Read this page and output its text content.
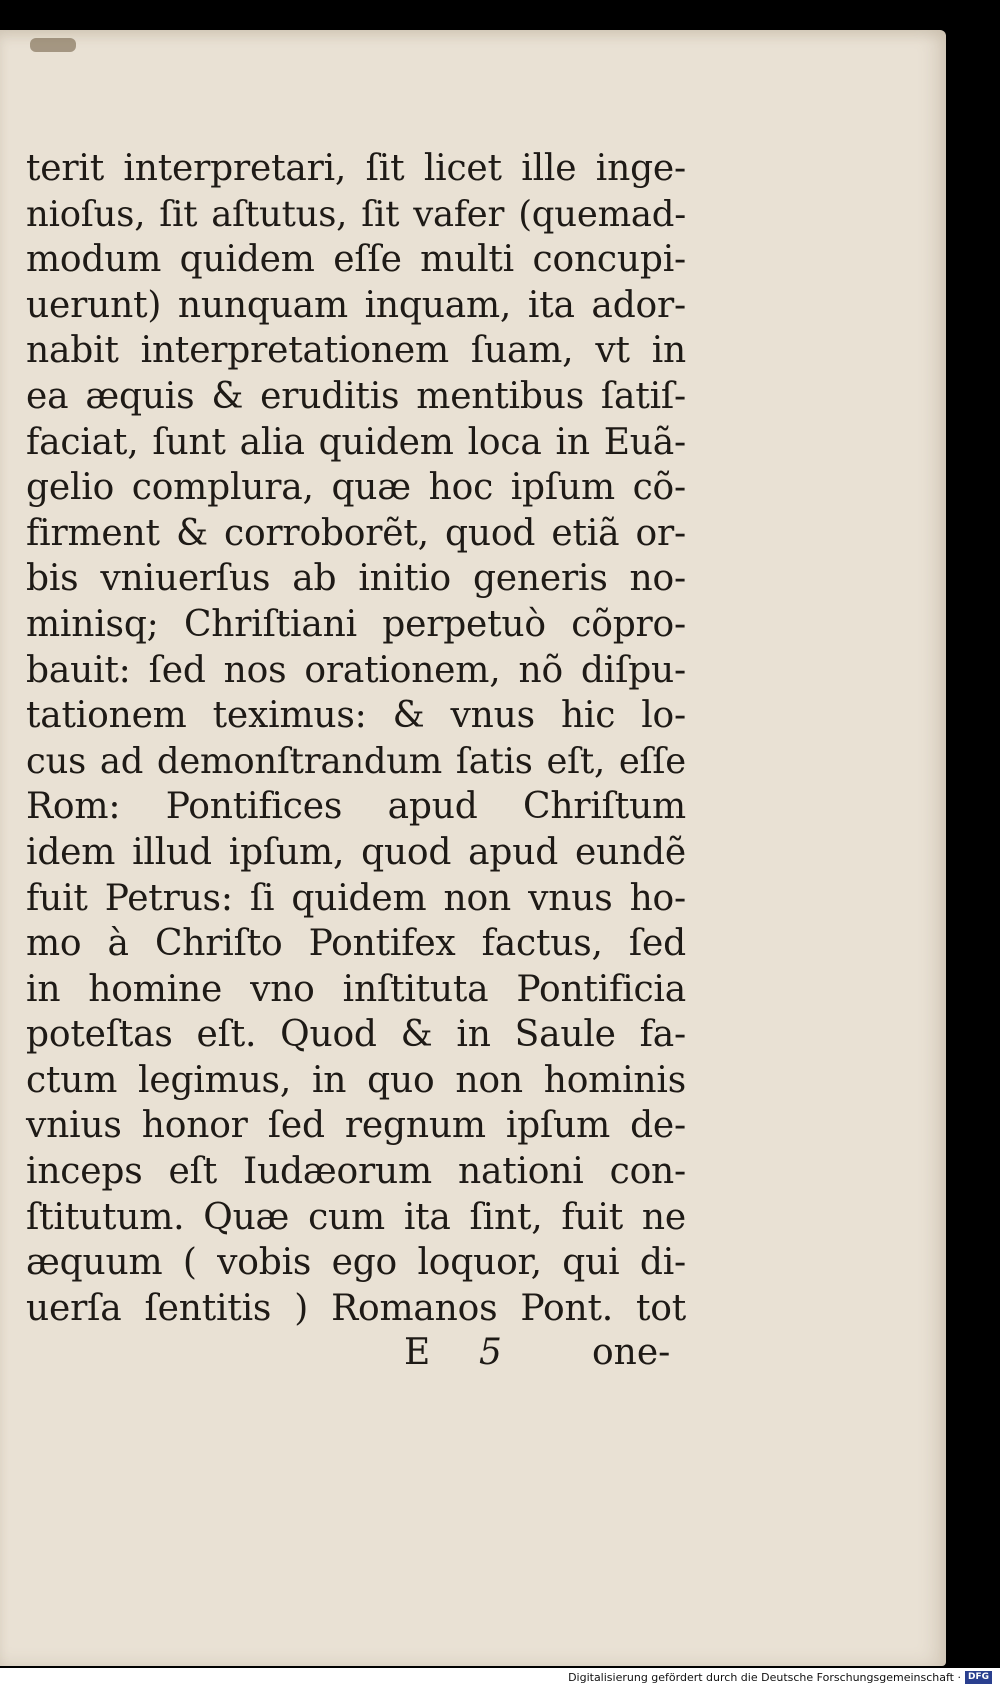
terit interpretari, ſit licet ille inge-
nioſus, ſit aſtutus, ſit vafer (quemad-
modum quidem eſſe multi concupi-
uerunt) nunquam inquam, ita ador-
nabit interpretationem ſuam, vt in
ea æquis & eruditis mentibus ſatiſ-
faciat, ſunt alia quidem loca in Euã-
gelio complura, quæ hoc ipſum cõ-
firment & corroborẽt, quod etiã or-
bis vniuerſus ab initio generis no-
minisq; Chriſtiani perpetuò cõpro-
bauit: ſed nos orationem, nõ diſpu-
tationem teximus: & vnus hic lo-
cus ad demonſtrandum ſatis eſt, eſſe
Rom: Pontifices apud Chriſtum
idem illud ipſum, quod apud eundẽ
fuit Petrus: ſi quidem non vnus ho-
mo à Chriſto Pontifex factus, ſed
in homine vno inſtituta Pontificia
poteſtas eſt. Quod & in Saule fa-
ctum legimus, in quo non hominis
vnius honor ſed regnum ipſum de-
inceps eſt Iudæorum nationi con-
ſtitutum. Quæ cum ita ſint, fuit ne
æquum ( vobis ego loquor, qui di-
uerſa ſentitis ) Romanos Pont. tot
E 5	one-
Digitalisierung gefördert durch die Deutsche Forschungsgemeinschaft · DFG
